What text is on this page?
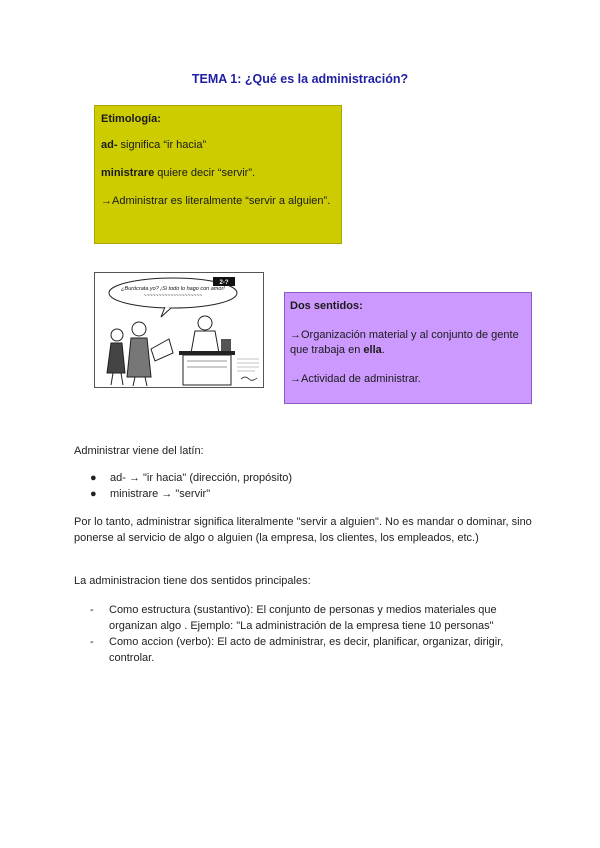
TEMA 1: ¿Qué es la administración?

Etimología:

ad- significa “ir hacia”

ministrare quiere decir “servir”.

→Administrar es literalmente “servir a alguien”.

¿Burócrata yo? ¡Si todo lo hago con amor!
~~~~~~~~~~~~~~~~~~~~
2-?

Dos sentidos:

→Organización material y al conjunto de gente que trabaja en ella.

→Actividad de administrar.

Administrar viene del latín:
● ad- → "ir hacia" (dirección, propósito)
● ministrare → "servir"
Por lo tanto, administrar significa literalmente "servir a alguien". No es mandar o dominar, sino ponerse al servicio de algo o alguien (la empresa, los clientes, los empleados, etc.)
La administracion tiene dos sentidos principales:
- Como estructura (sustantivo): El conjunto de personas y medios materiales que organizan algo . Ejemplo: "La administración de la empresa tiene 10 personas"
- Como accion (verbo): El acto de administrar, es decir, planificar, organizar, dirigir, controlar.
